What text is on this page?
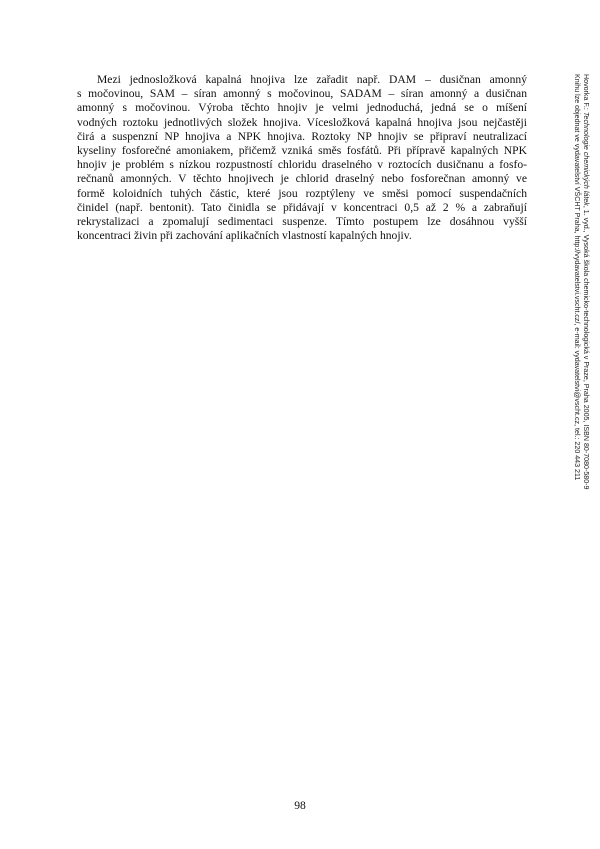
Mezi jednosložková kapalná hnojiva lze zařadit např. DAM – dusičnan amonný
s močovinou, SAM – síran amonný s močovinou, SADAM – síran amonný a dusičnan
amonný s močovinou. Výroba těchto hnojiv je velmi jednoduchá, jedná se o míšení
vodných roztoku jednotlivých složek hnojiva. Vícesložková kapalná hnojiva jsou nejčastěji
čirá a suspenzní NP hnojiva a NPK hnojiva. Roztoky NP hnojiv se připraví neutralizací
kyseliny fosforečné amoniakem, přičemž vzniká směs fosfátů. Při přípravě kapalných NPK
hnojiv je problém s nízkou rozpustností chloridu draselného v roztocích dusičnanu a fosfo-
rečnanů amonných. V těchto hnojivech je chlorid draselný nebo fosforečnan amonný ve
formě koloidních tuhých částic, které jsou rozptýleny ve směsi pomocí suspendačních
činidel (např. bentonit). Tato činidla se přidávají v koncentraci 0,5 až 2 % a zabraňují
rekrystalizaci a zpomalují sedimentaci suspenze. Tímto postupem lze dosáhnou vyšší
koncentraci živin při zachování aplikačních vlastností kapalných hnojiv.
Hovorka F.: Technologie chemických látek, 1. vyd., Vysoká škola chemicko-technologická v Praze, Praha 2005, ISBN 80-7080-580-9
Knihu lze objednat ve vydavatelství VŠCHT Praha, http://vydavatelstvi.vscht.cz/, e-mail: vydavatelstvi@vscht.cz, tel.: 220 443 211
98
